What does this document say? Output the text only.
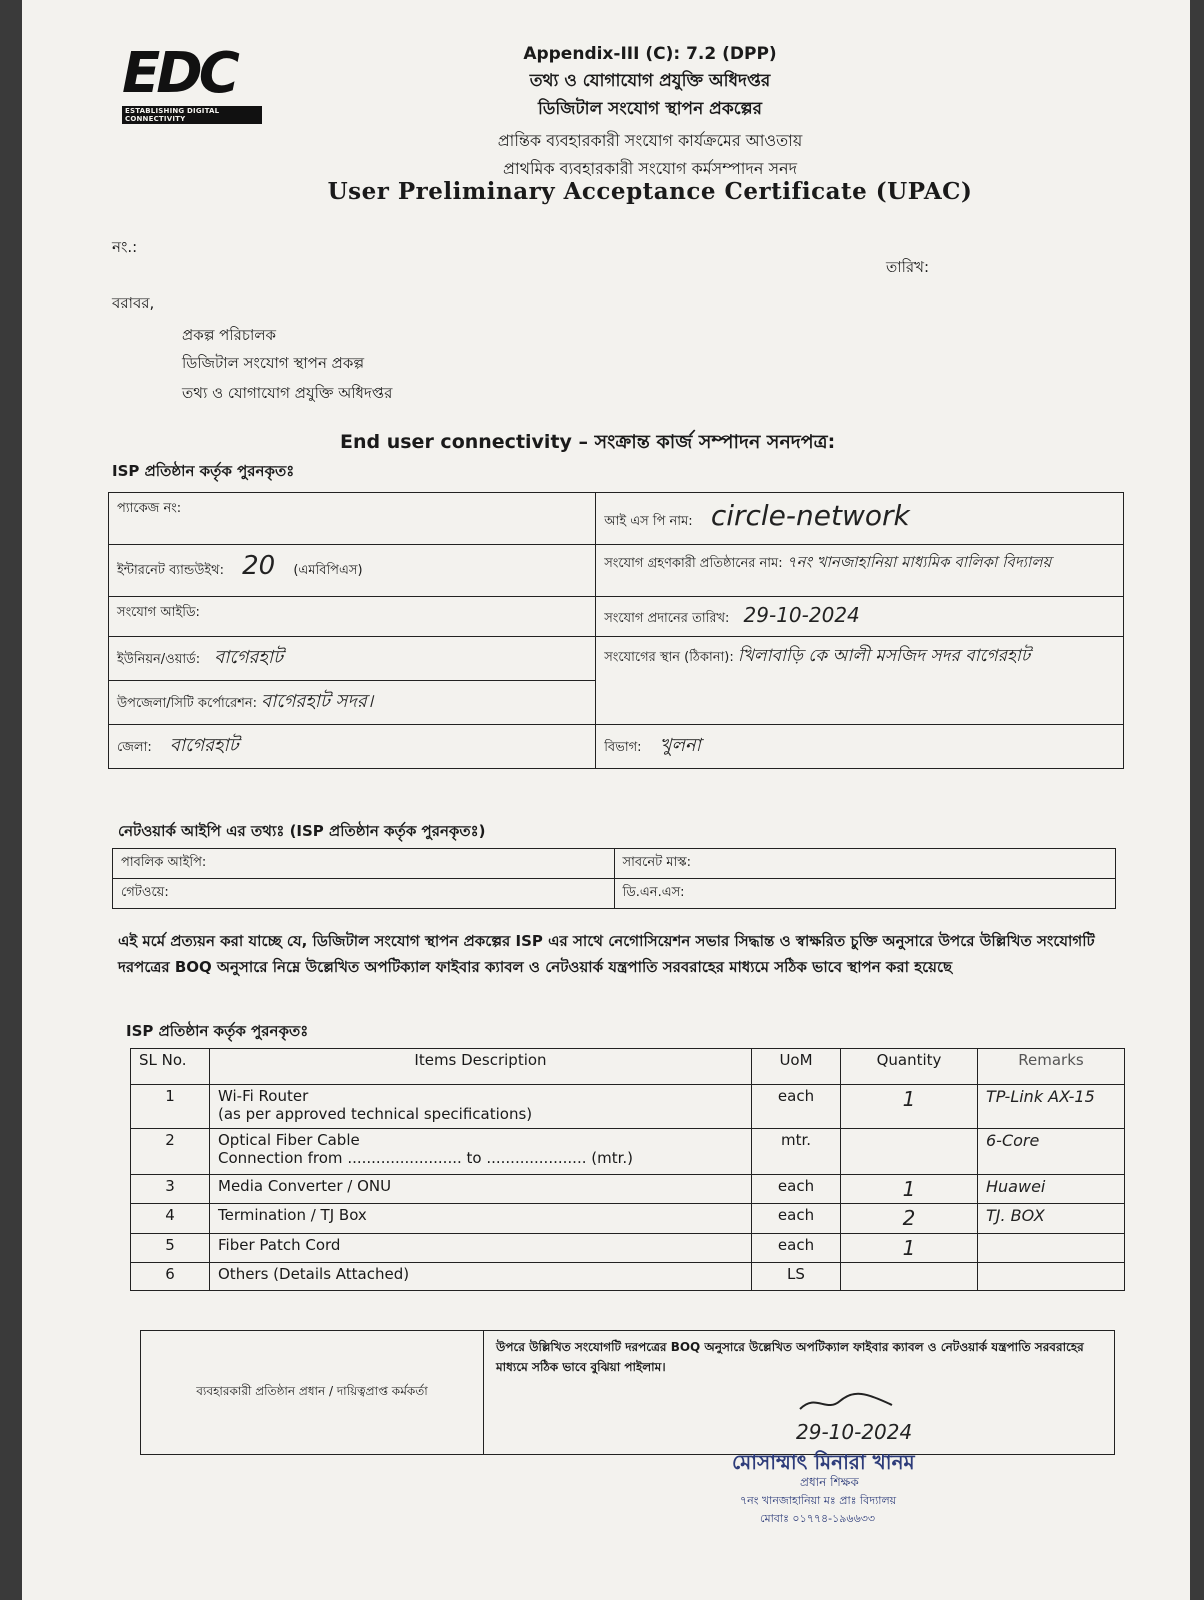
EDC
ESTABLISHING DIGITAL CONNECTIVITY
Appendix-III (C): 7.2 (DPP)
তথ্য ও যোগাযোগ প্রযুক্তি অধিদপ্তর
ডিজিটাল সংযোগ স্থাপন প্রকল্পের
প্রান্তিক ব্যবহারকারী সংযোগ কার্যক্রমের আওতায়
প্রাথমিক ব্যবহারকারী সংযোগ কর্মসম্পাদন সনদ
User Preliminary Acceptance Certificate (UPAC)
নং.:
তারিখ:
বরাবর,
প্রকল্প পরিচালক
ডিজিটাল সংযোগ স্থাপন প্রকল্প
তথ্য ও যোগাযোগ প্রযুক্তি অধিদপ্তর
End user connectivity – সংক্রান্ত কার্জ সম্পাদন সনদপত্র:
ISP প্রতিষ্ঠান কর্তৃক পুরনকৃতঃ
প্যাকেজ নং:	আই এস পি নাম: circle-network
ইন্টারনেট ব্যান্ডউইথ: 20 (এমবিপিএস)	সংযোগ গ্রহণকারী প্রতিষ্ঠানের নাম: ৭নং খানজাহানিয়া মাধ্যমিক বালিকা বিদ্যালয়
সংযোগ আইডি:	সংযোগ প্রদানের তারিখ: 29-10-2024
ইউনিয়ন/ওয়ার্ড: বাগেরহাট	সংযোগের স্থান (ঠিকানা): খিলাবাড়ি কে আলী মসজিদ সদর বাগেরহাট
উপজেলা/সিটি কর্পোরেশন: বাগেরহাট সদর।	
জেলা: বাগেরহাট	বিভাগ: খুলনা
নেটওয়ার্ক আইপি এর তথ্যঃ (ISP প্রতিষ্ঠান কর্তৃক পুরনকৃতঃ)
পাবলিক আইপি:	সাবনেট মাস্ক:
গেটওয়ে:	ডি.এন.এস:
এই মর্মে প্রত্যয়ন করা যাচ্ছে যে, ডিজিটাল সংযোগ স্থাপন প্রকল্পের ISP এর সাথে নেগোসিয়েশন সভার সিদ্ধান্ত ও স্বাক্ষরিত চুক্তি অনুসারে উপরে উল্লিখিত সংযোগটি দরপত্রের BOQ অনুসারে নিম্নে উল্লেখিত অপটিক্যাল ফাইবার ক্যাবল ও নেটওয়ার্ক যন্ত্রপাতি সরবরাহের মাধ্যমে সঠিক ভাবে স্থাপন করা হয়েছে
ISP প্রতিষ্ঠান কর্তৃক পুরনকৃতঃ
SL No.	Items Description	UoM	Quantity	Remarks
1	Wi-Fi Router
(as per approved technical specifications)	each	1	TP-Link AX-15
2	Optical Fiber Cable
Connection from ........................ to ..................... (mtr.)	mtr.		6-Core
3	Media Converter / ONU	each	1	Huawei
4	Termination / TJ Box	each	2	TJ. BOX
5	Fiber Patch Cord	each	1	
6	Others (Details Attached)	LS		
ব্যবহারকারী প্রতিষ্ঠান প্রধান / দায়িত্বপ্রাপ্ত কর্মকর্তা	
উপরে উল্লিখিত সংযোগটি দরপত্রের BOQ অনুসারে উল্লেখিত অপটিক্যাল ফাইবার ক্যাবল ও নেটওয়ার্ক যন্ত্রপাতি সরবরাহের মাধ্যমে সঠিক ভাবে বুঝিয়া পাইলাম।
29-10-2024
মোসাম্মাৎ মিনারা খানম
প্রধান শিক্ষক
৭নং খানজাহানিয়া মঃ প্রাঃ বিদ্যালয়
মোবাঃ ০১৭৭৪-১৯৬৬৩৩
